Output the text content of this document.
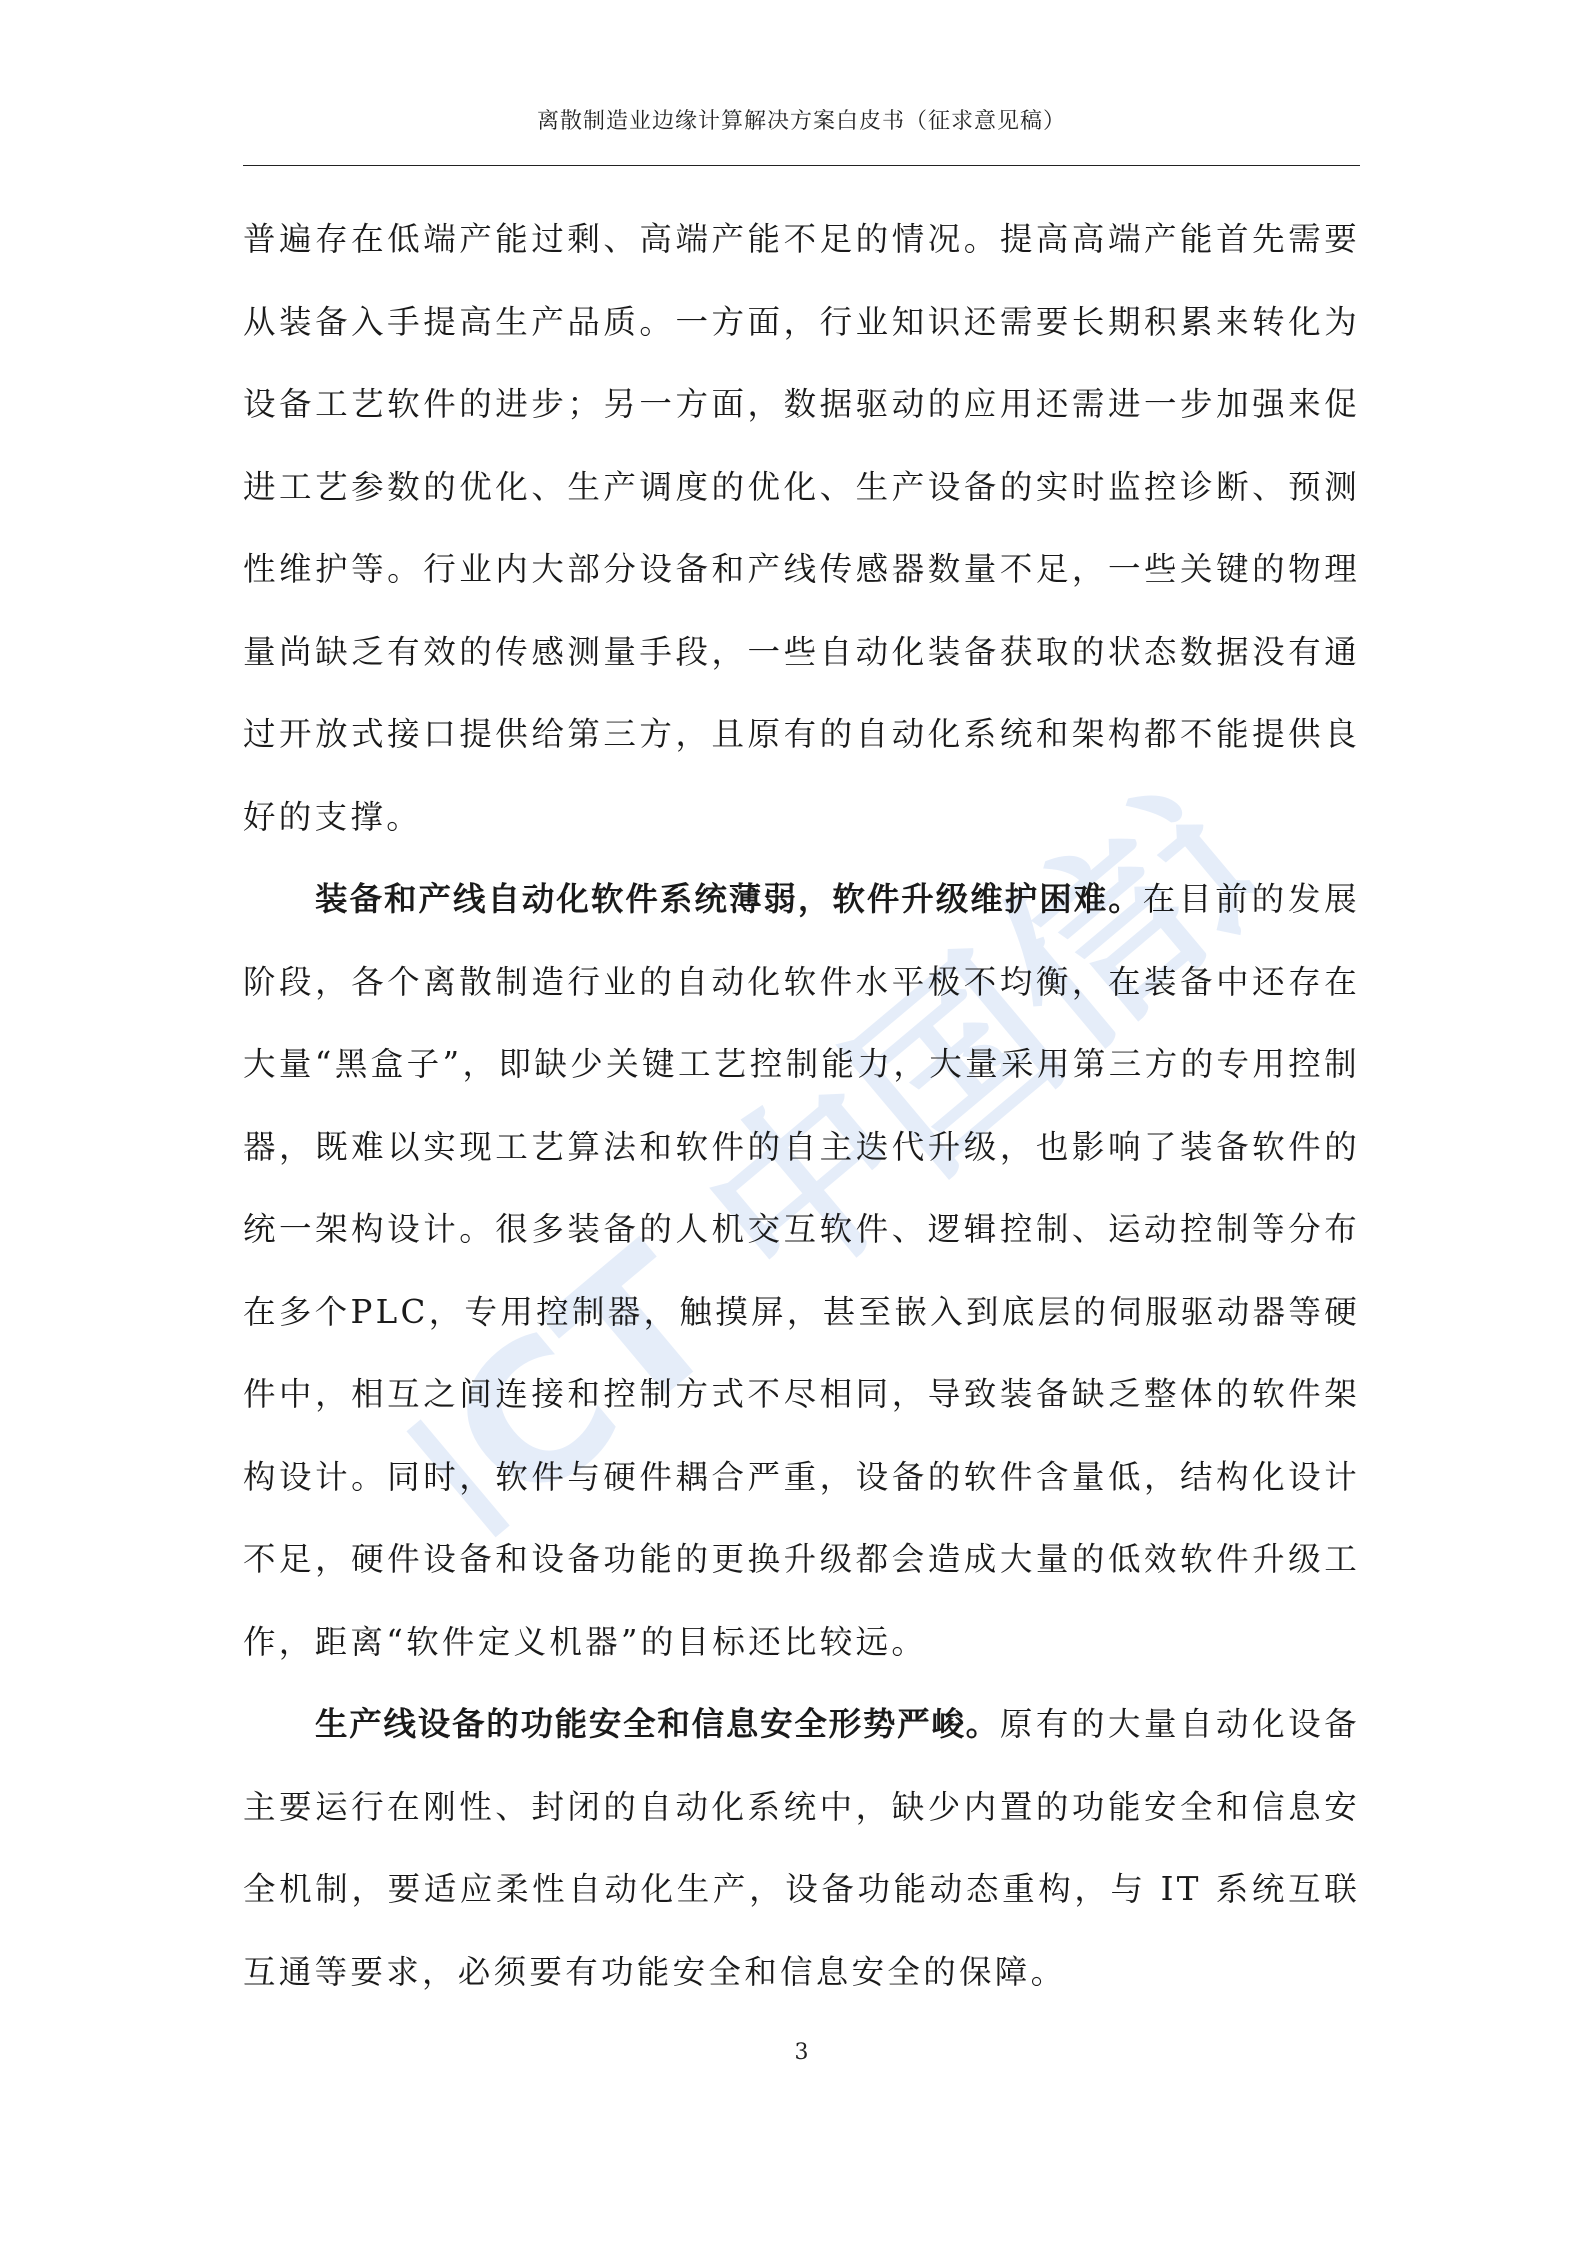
离散制造业边缘计算解决方案白皮书（征求意见稿）
CAICT 中国信通院

普遍存在低端产能过剩、高端产能不足的情况。提高高端产能首先需要从装备入手提高生产品质。一方面，行业知识还需要长期积累来转化为设备工艺软件的进步；另一方面，数据驱动的应用还需进一步加强来促进工艺参数的优化、生产调度的优化、生产设备的实时监控诊断、预测性维护等。行业内大部分设备和产线传感器数量不足，一些关键的物理量尚缺乏有效的传感测量手段，一些自动化装备获取的状态数据没有通过开放式接口提供给第三方，且原有的自动化系统和架构都不能提供良好的支撑。

装备和产线自动化软件系统薄弱，软件升级维护困难。在目前的发展阶段，各个离散制造行业的自动化软件水平极不均衡，在装备中还存在大量“黑盒子”，即缺少关键工艺控制能力，大量采用第三方的专用控制器，既难以实现工艺算法和软件的自主迭代升级，也影响了装备软件的统一架构设计。很多装备的人机交互软件、逻辑控制、运动控制等分布在多个PLC，专用控制器，触摸屏，甚至嵌入到底层的伺服驱动器等硬件中，相互之间连接和控制方式不尽相同，导致装备缺乏整体的软件架构设计。同时，软件与硬件耦合严重，设备的软件含量低，结构化设计不足，硬件设备和设备功能的更换升级都会造成大量的低效软件升级工作，距离“软件定义机器”的目标还比较远。

生产线设备的功能安全和信息安全形势严峻。原有的大量自动化设备主要运行在刚性、封闭的自动化系统中，缺少内置的功能安全和信息安全机制，要适应柔性自动化生产，设备功能动态重构，与 IT 系统互联互通等要求，必须要有功能安全和信息安全的保障。

3
